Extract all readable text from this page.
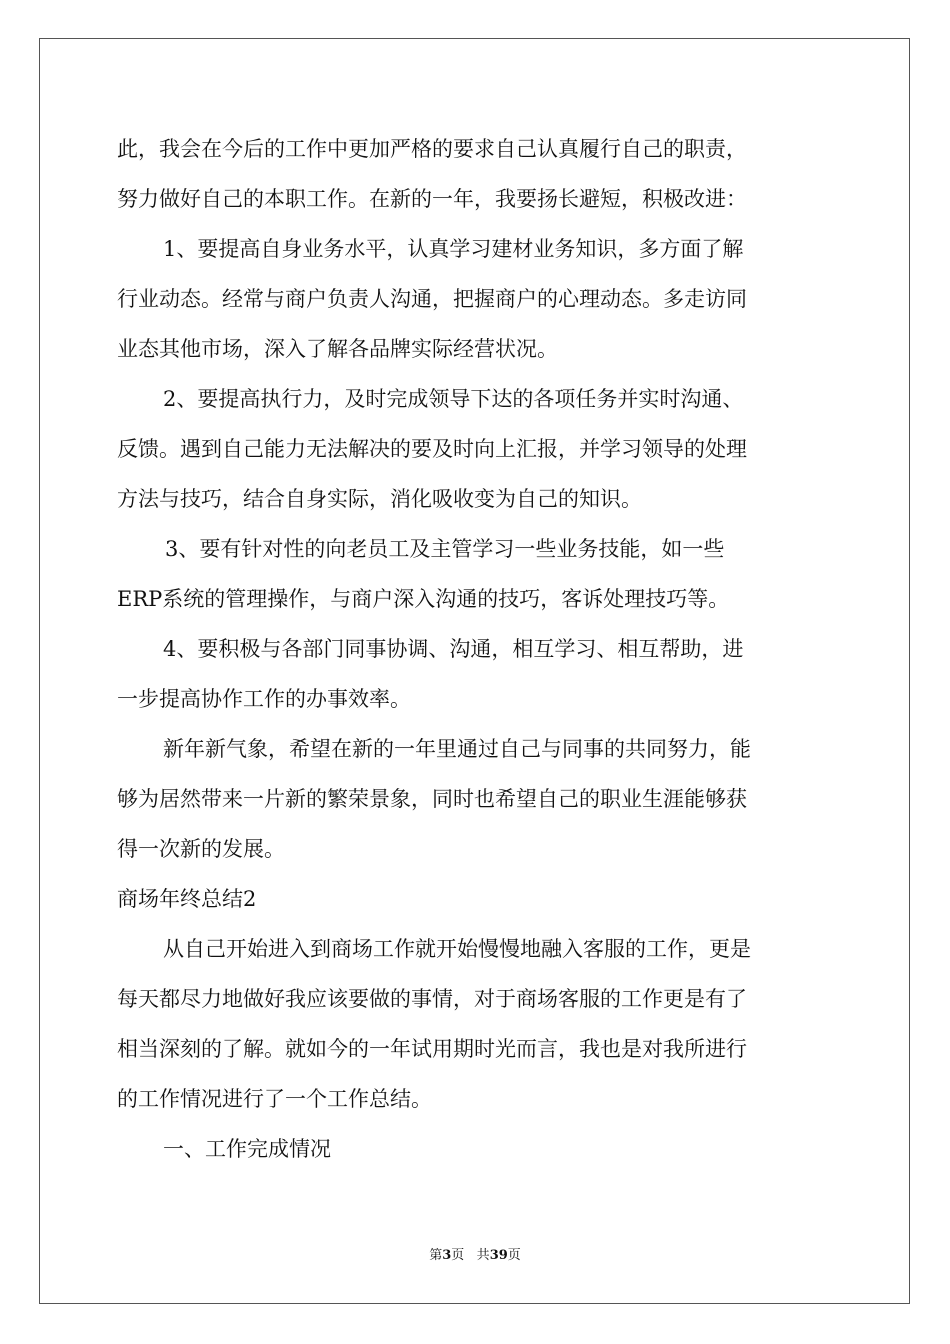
此，我会在今后的工作中更加严格的要求自己认真履行自己的职责，
努力做好自己的本职工作。在新的一年，我要扬长避短，积极改进：
1、要提高自身业务水平，认真学习建材业务知识，多方面了解
行业动态。经常与商户负责人沟通，把握商户的心理动态。多走访同
业态其他市场，深入了解各品牌实际经营状况。
2、要提高执行力，及时完成领导下达的各项任务并实时沟通、
反馈。遇到自己能力无法解决的要及时向上汇报，并学习领导的处理
方法与技巧，结合自身实际，消化吸收变为自己的知识。
3、要有针对性的向老员工及主管学习一些业务技能，如一些
ERP系统的管理操作，与商户深入沟通的技巧，客诉处理技巧等。
4、要积极与各部门同事协调、沟通，相互学习、相互帮助，进
一步提高协作工作的办事效率。
新年新气象，希望在新的一年里通过自己与同事的共同努力，能
够为居然带来一片新的繁荣景象，同时也希望自己的职业生涯能够获
得一次新的发展。
商场年终总结2
从自己开始进入到商场工作就开始慢慢地融入客服的工作，更是
每天都尽力地做好我应该要做的事情，对于商场客服的工作更是有了
相当深刻的了解。就如今的一年试用期时光而言，我也是对我所进行
的工作情况进行了一个工作总结。
一、工作完成情况
第3页 共39页
